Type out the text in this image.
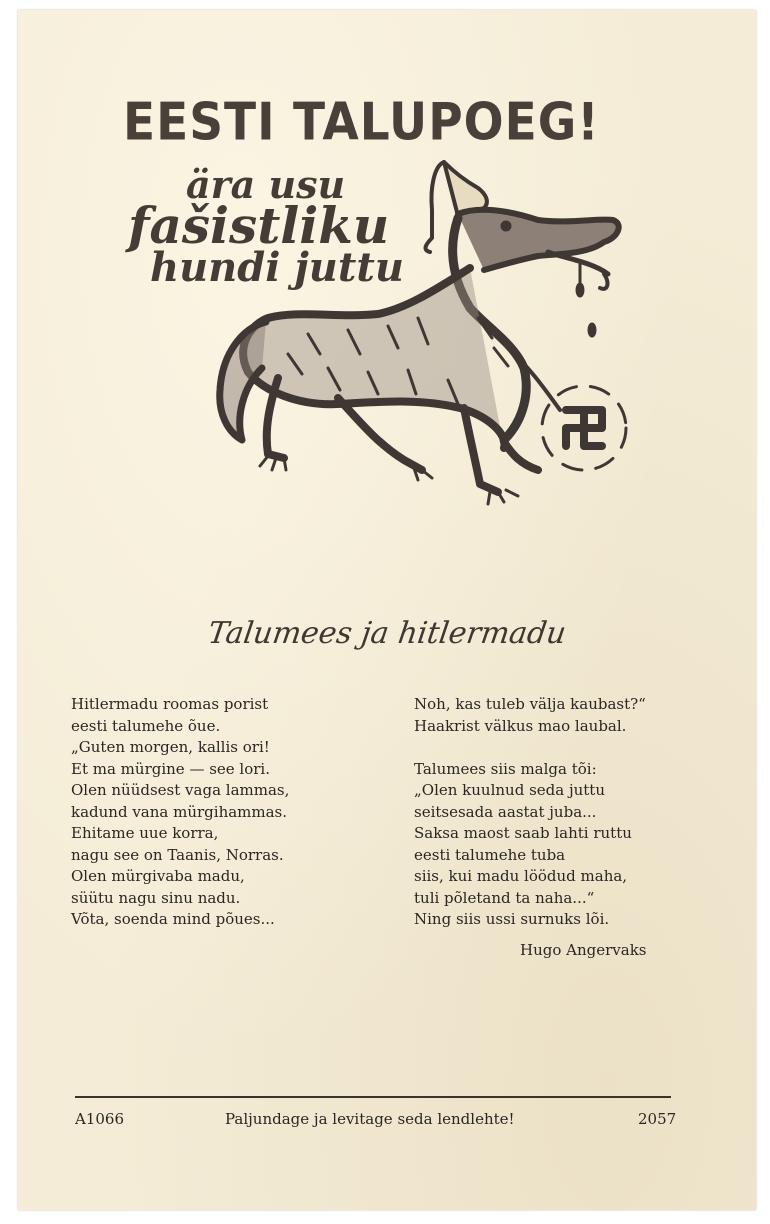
EESTI TALUPOEG!
ära usu
fašistliku
hundi juttu
Talumees ja hitlermadu
Hitlermadu roomas porist
eesti talumehe õue.
„Guten morgen, kallis ori!
Et ma mürgine — see lori.
Olen nüüdsest vaga lammas,
kadund vana mürgihammas.
Ehitame uue korra,
nagu see on Taanis, Norras.
Olen mürgivaba madu,
süütu nagu sinu nadu.
Võta, soenda mind põues...
Noh, kas tuleb välja kaubast?“
Haakrist välkus mao laubal.
Talumees siis malga tõi:
„Olen kuulnud seda juttu
seitsesada aastat juba...
Saksa maost saab lahti ruttu
eesti talumehe tuba
siis, kui madu löödud maha,
tuli põletand ta naha...“
Ning siis ussi surnuks lõi.
Hugo Angervaks
A1066	Paljundage ja levitage seda lendlehte!	2057
